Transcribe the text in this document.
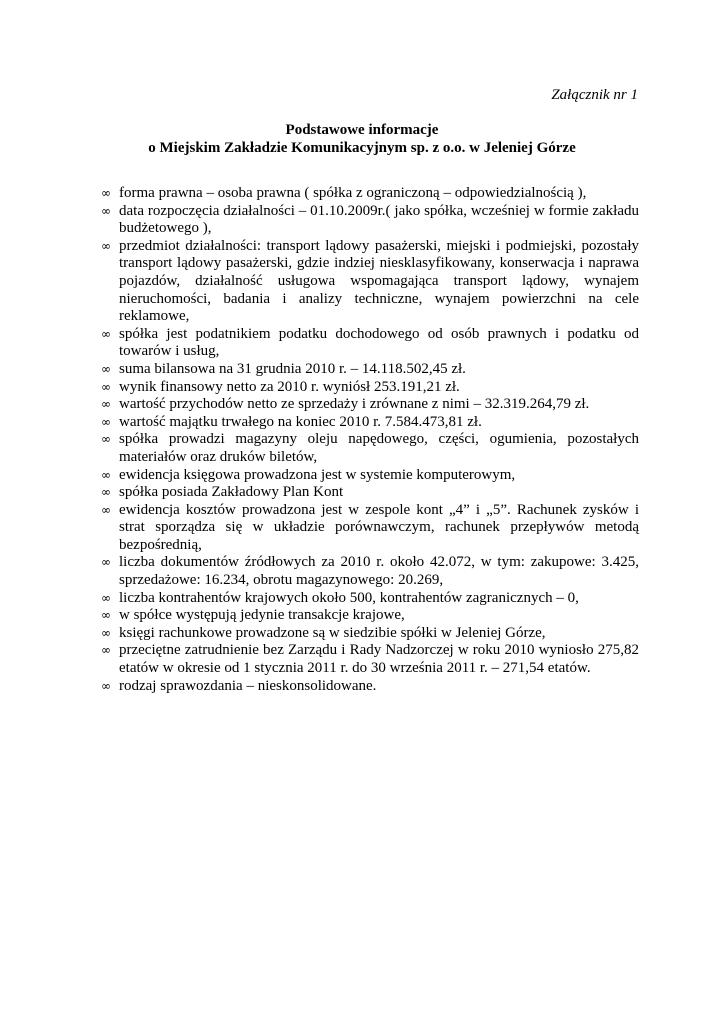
Załącznik nr 1
Podstawowe informacje
o Miejskim Zakładzie Komunikacyjnym sp. z o.o. w Jeleniej Górze
∞ forma prawna – osoba prawna ( spółka z ograniczoną – odpowiedzialnością ),
∞ data rozpoczęcia działalności – 01.10.2009r.( jako spółka, wcześniej w formie zakładu budżetowego ),
∞ przedmiot działalności: transport lądowy pasażerski, miejski i podmiejski, pozostały transport lądowy pasażerski, gdzie indziej niesklasyfikowany, konserwacja i naprawa pojazdów, działalność usługowa wspomagająca transport lądowy, wynajem nieruchomości, badania i analizy techniczne, wynajem powierzchni na cele reklamowe,
∞ spółka jest podatnikiem podatku dochodowego od osób prawnych i podatku od towarów i usług,
∞ suma bilansowa na 31 grudnia 2010 r. – 14.118.502,45 zł.
∞ wynik finansowy netto za 2010 r. wyniósł 253.191,21 zł.
∞ wartość przychodów netto ze sprzedaży i zrównane z nimi – 32.319.264,79 zł.
∞ wartość majątku trwałego na koniec 2010 r. 7.584.473,81 zł.
∞ spółka prowadzi magazyny oleju napędowego, części, ogumienia, pozostałych materiałów oraz druków biletów,
∞ ewidencja księgowa prowadzona jest w systemie komputerowym,
∞ spółka posiada Zakładowy Plan Kont
∞ ewidencja kosztów prowadzona jest w zespole kont „4” i „5”. Rachunek zysków i strat sporządza się w układzie porównawczym, rachunek przepływów metodą bezpośrednią,
∞ liczba dokumentów źródłowych za 2010 r. około 42.072, w tym: zakupowe: 3.425, sprzedażowe: 16.234, obrotu magazynowego: 20.269,
∞ liczba kontrahentów krajowych około 500, kontrahentów zagranicznych – 0,
∞ w spółce występują jedynie transakcje krajowe,
∞ księgi rachunkowe prowadzone są w siedzibie spółki w Jeleniej Górze,
∞ przeciętne zatrudnienie bez Zarządu i Rady Nadzorczej w roku 2010 wyniosło 275,82 etatów w okresie od 1 stycznia 2011 r. do 30 września 2011 r. – 271,54 etatów.
∞ rodzaj sprawozdania – nieskonsolidowane.
